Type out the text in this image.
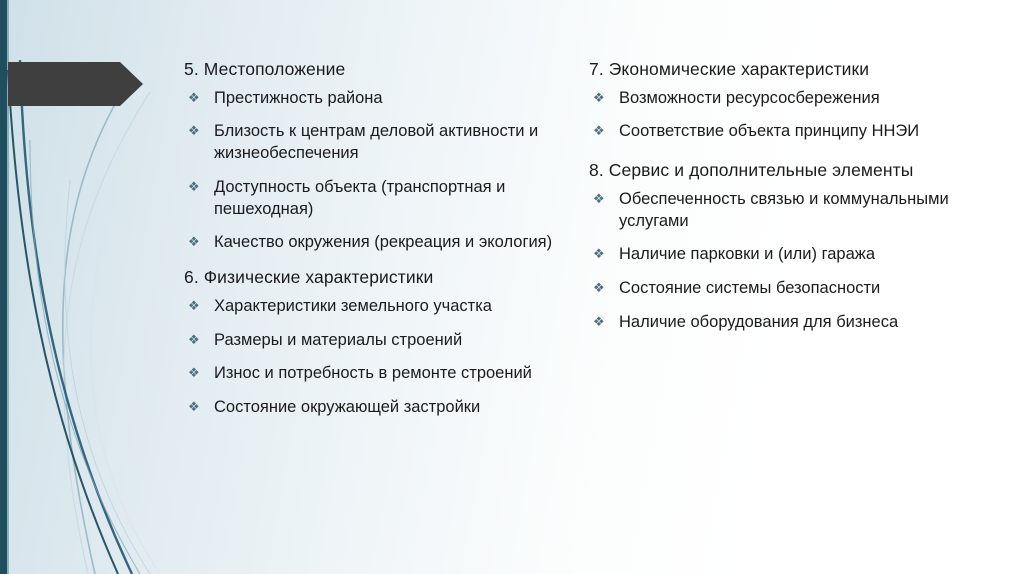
5. Местоположение

❖ Престижность района
❖ Близость к центрам деловой активности и жизнеобеспечения
❖ Доступность объекта (транспортная и пешеходная)
❖ Качество окружения (рекреация и экология)

6. Физические характеристики

❖ Характеристики земельного участка
❖ Размеры и материалы строений
❖ Износ и потребность в ремонте строений
❖ Состояние окружающей застройки

7. Экономические характеристики

❖ Возможности ресурсосбережения
❖ Соответствие объекта принципу ННЭИ

8. Сервис и дополнительные элементы

❖ Обеспеченность связью и коммунальными услугами
❖ Наличие парковки и (или) гаража
❖ Состояние системы безопасности
❖ Наличие оборудования для бизнеса
